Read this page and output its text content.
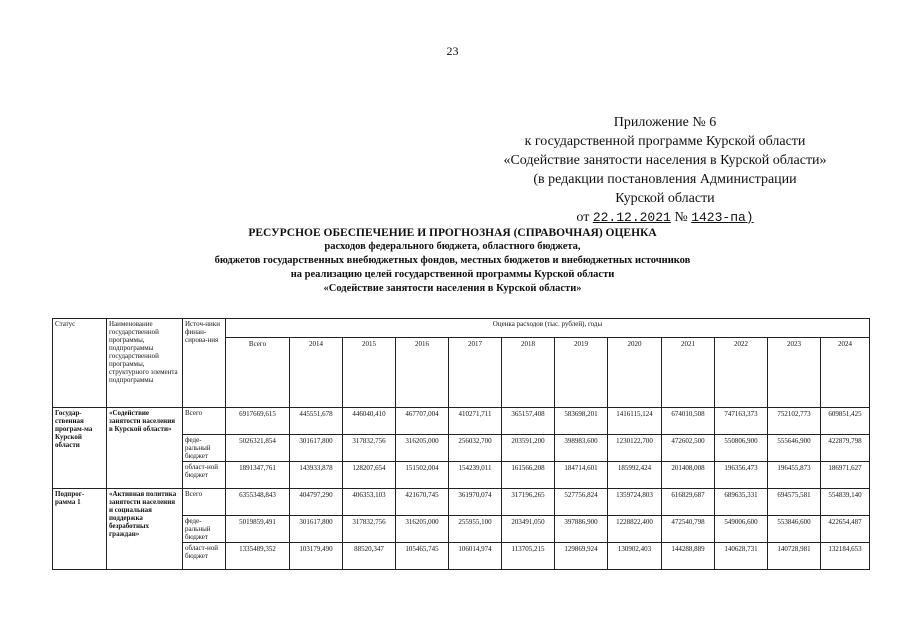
23
Приложение № 6
к государственной программе Курской области
«Содействие занятости населения в Курской области»
(в редакции постановления Администрации
Курской области
от 22.12.2021 № 1423-па)
РЕСУРСНОЕ ОБЕСПЕЧЕНИЕ И ПРОГНОЗНАЯ (СПРАВОЧНАЯ) ОЦЕНКА
расходов федерального бюджета, областного бюджета,
бюджетов государственных внебюджетных фондов, местных бюджетов и внебюджетных источников
на реализацию целей государственной программы Курской области
«Содействие занятости населения в Курской области»
Статус	Наименование государственной программы, подпрограммы государственной программы, структурного элемента подпрограммы	Источ-ники финан-сирова-ния	Оценка расходов (тыс. рублей), годы											
			Всего	2014	2015	2016	2017	2018	2019	2020	2021	2022	2023	2024
Государ-ственная програм-ма Курской области	«Содействие занятости населения в Курской области»	Всего	6917669,615	445551,678	446040,410	467707,004	410271,711	365157,408	583698,201	1416115,124	674010,508	747163,373	752102,773	609851,425
		феде-ральный бюджет	5026321,854	301617,800	317832,756	316205,000	256032,700	203591,200	398983,600	1230122,700	472602,500	550806,900	555646,900	422879,798
		област-ной бюджет	1891347,761	143933,878	128207,654	151502,004	154239,011	161566,208	184714,601	185992,424	201408,008	196356,473	196455,873	186971,627
Подпрог-рамма 1	«Активная политика занятости населения и социальная поддержка безработных граждан»	Всего	6355348,843	404797,290	406353,103	421670,745	361970,074	317196,265	527756,824	1359724,803	616829,687	689635,331	694575,581	554839,140
		феде-ральный бюджет	5019859,491	301617,800	317832,756	316205,000	255955,100	203491,050	397886,900	1228822,400	472540,798	549006,600	553846,600	422654,487
		област-ной бюджет	1335489,352	103179,490	88520,347	105465,745	106014,974	113705,215	129869,924	130902,403	144288,889	140628,731	140728,981	132184,653
